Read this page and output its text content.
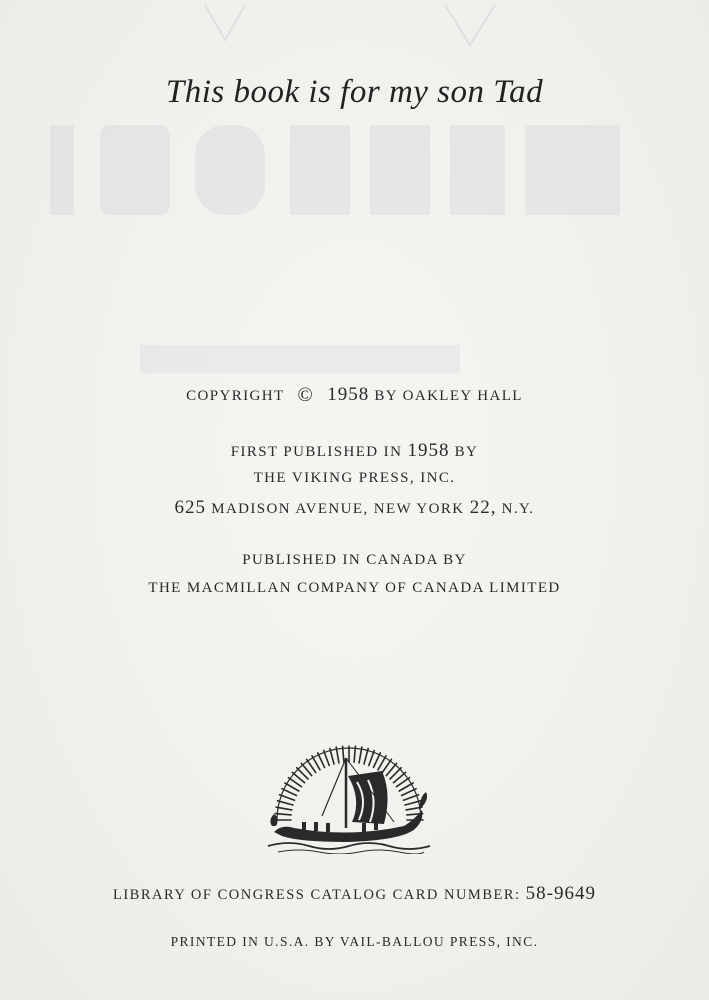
This book is for my son Tad
COPYRIGHT © 1958 BY OAKLEY HALL
FIRST PUBLISHED IN 1958 BY
THE VIKING PRESS, INC.
625 MADISON AVENUE, NEW YORK 22, N.Y.
PUBLISHED IN CANADA BY
THE MACMILLAN COMPANY OF CANADA LIMITED
LIBRARY OF CONGRESS CATALOG CARD NUMBER: 58-9649
PRINTED IN U.S.A. BY VAIL-BALLOU PRESS, INC.
